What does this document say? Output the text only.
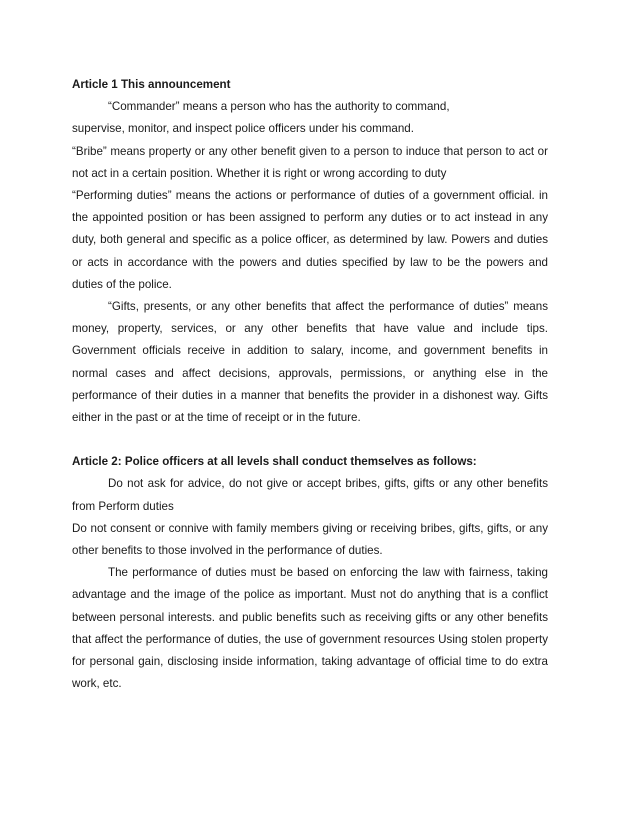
Article 1 This announcement

“Commander” means a person who has the authority to command,

supervise, monitor, and inspect police officers under his command.

“Bribe” means property or any other benefit given to a person to induce that person to act or not act in a certain position. Whether it is right or wrong according to duty

“Performing duties” means the actions or performance of duties of a government official. in the appointed position or has been assigned to perform any duties or to act instead in any duty, both general and specific as a police officer, as determined by law. Powers and duties or acts in accordance with the powers and duties specified by law to be the powers and duties of the police.

“Gifts, presents, or any other benefits that affect the performance of duties” means money, property, services, or any other benefits that have value and include tips. Government officials receive in addition to salary, income, and government benefits in normal cases and affect decisions, approvals, permissions, or anything else in the performance of their duties in a manner that benefits the provider in a dishonest way. Gifts either in the past or at the time of receipt or in the future.

Article 2: Police officers at all levels shall conduct themselves as follows:

Do not ask for advice, do not give or accept bribes, gifts, gifts or any other benefits from Perform duties

Do not consent or connive with family members giving or receiving bribes, gifts, gifts, or any other benefits to those involved in the performance of duties.

The performance of duties must be based on enforcing the law with fairness, taking advantage and the image of the police as important. Must not do anything that is a conflict between personal interests. and public benefits such as receiving gifts or any other benefits that affect the performance of duties, the use of government resources Using stolen property for personal gain, disclosing inside information, taking advantage of official time to do extra work, etc.
